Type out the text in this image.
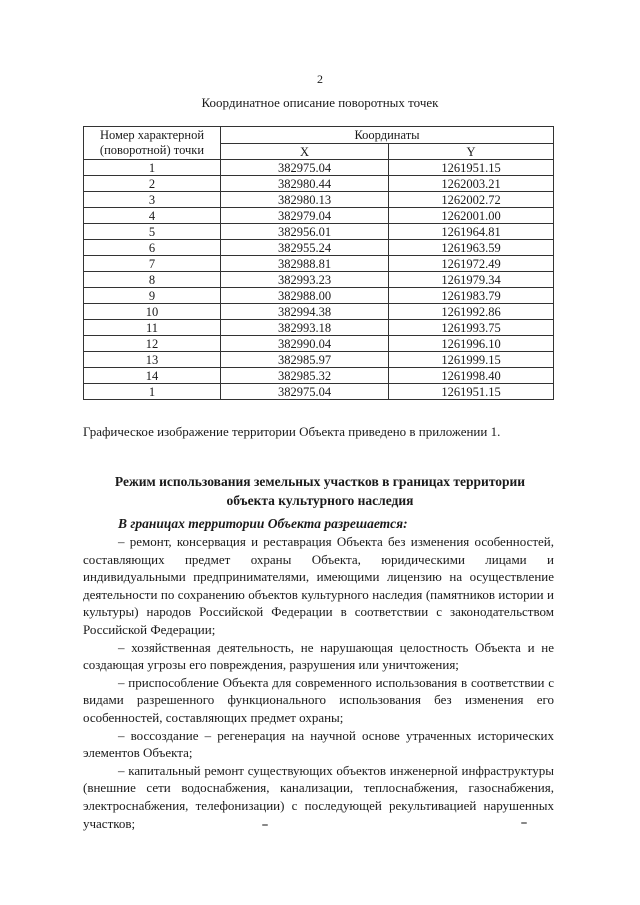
2
Координатное описание поворотных точек
Номер характерной (поворотной) точки	Координаты	
	X	Y
1	382975.04	1261951.15
2	382980.44	1262003.21
3	382980.13	1262002.72
4	382979.04	1262001.00
5	382956.01	1261964.81
6	382955.24	1261963.59
7	382988.81	1261972.49
8	382993.23	1261979.34
9	382988.00	1261983.79
10	382994.38	1261992.86
11	382993.18	1261993.75
12	382990.04	1261996.10
13	382985.97	1261999.15
14	382985.32	1261998.40
1	382975.04	1261951.15
Графическое изображение территории Объекта приведено в приложении 1.
Режим использования земельных участков в границах территории
объекта культурного наследия
В границах территории Объекта разрешается:

– ремонт, консервация и реставрация Объекта без изменения особенностей, составляющих предмет охраны Объекта, юридическими лицами и индивидуальными предпринимателями, имеющими лицензию на осуществление деятельности по сохранению объектов культурного наследия (памятников истории и культуры) народов Российской Федерации в соответствии с законодательством Российской Федерации;

– хозяйственная деятельность, не нарушающая целостность Объекта и не создающая угрозы его повреждения, разрушения или уничтожения;

– приспособление Объекта для современного использования в соответствии с видами разрешенного функционального использования без изменения его особенностей, составляющих предмет охраны;

– воссоздание – регенерация на научной основе утраченных исторических элементов Объекта;

– капитальный ремонт существующих объектов инженерной инфраструктуры (внешние сети водоснабжения, канализации, теплоснабжения, газоснабжения, электроснабжения, телефонизации) с последующей рекультивацией нарушенных участков;
